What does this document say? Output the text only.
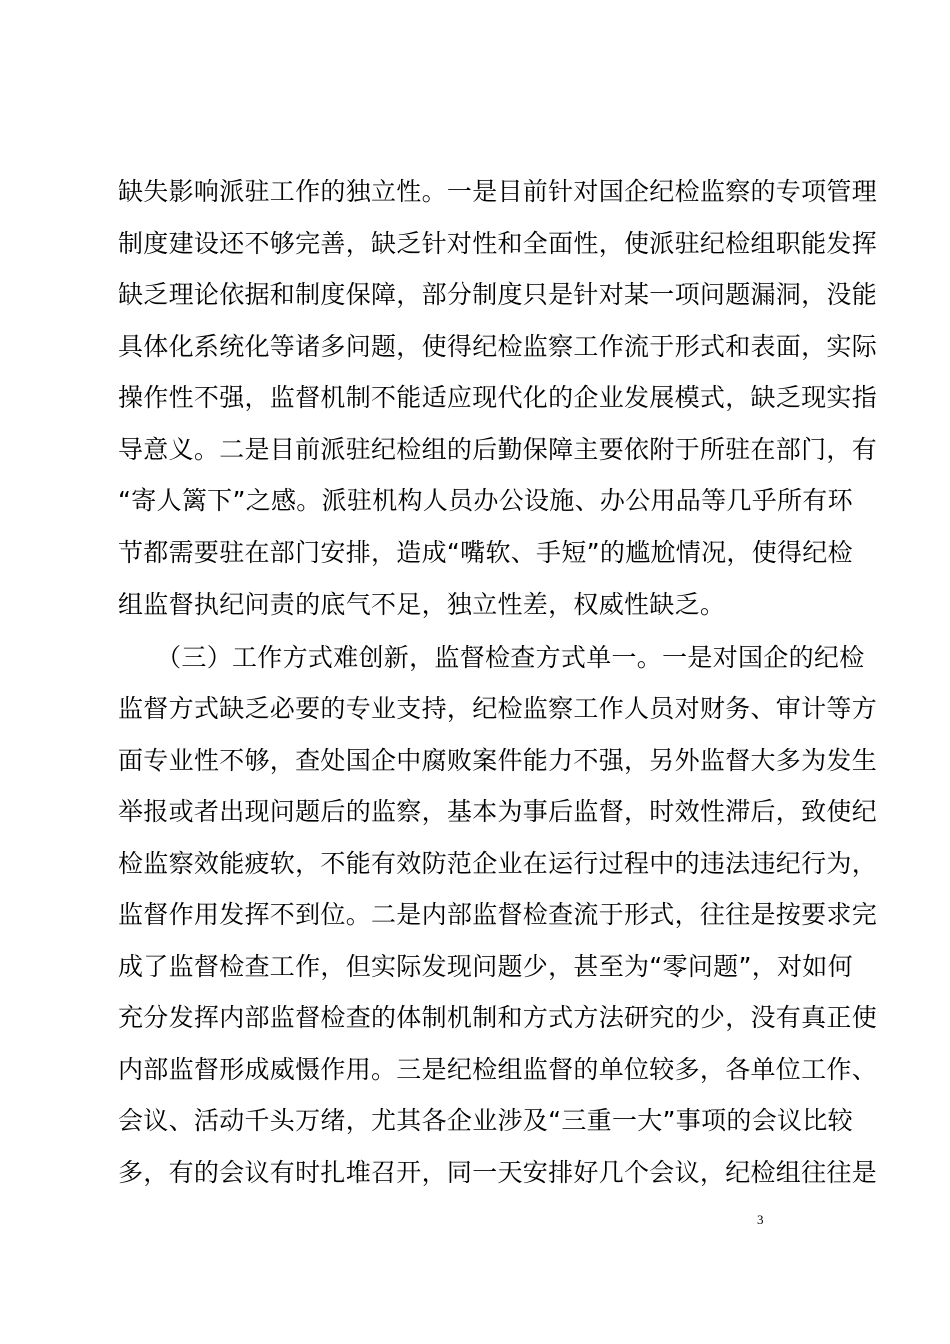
缺失影响派驻工作的独立性。一是目前针对国企纪检监察的专项管理
制度建设还不够完善，缺乏针对性和全面性，使派驻纪检组职能发挥
缺乏理论依据和制度保障，部分制度只是针对某一项问题漏洞，没能
具体化系统化等诸多问题，使得纪检监察工作流于形式和表面，实际
操作性不强，监督机制不能适应现代化的企业发展模式，缺乏现实指
导意义。二是目前派驻纪检组的后勤保障主要依附于所驻在部门，有
“寄人篱下”之感。派驻机构人员办公设施、办公用品等几乎所有环
节都需要驻在部门安排，造成“嘴软、手短”的尴尬情况，使得纪检
组监督执纪问责的底气不足，独立性差，权威性缺乏。
　　（三）工作方式难创新，监督检查方式单一。一是对国企的纪检
监督方式缺乏必要的专业支持，纪检监察工作人员对财务、审计等方
面专业性不够，查处国企中腐败案件能力不强，另外监督大多为发生
举报或者出现问题后的监察，基本为事后监督，时效性滞后，致使纪
检监察效能疲软，不能有效防范企业在运行过程中的违法违纪行为，
监督作用发挥不到位。二是内部监督检查流于形式，往往是按要求完
成了监督检查工作，但实际发现问题少，甚至为“零问题”，对如何
充分发挥内部监督检查的体制机制和方式方法研究的少，没有真正使
内部监督形成威慑作用。三是纪检组监督的单位较多，各单位工作、
会议、活动千头万绪，尤其各企业涉及“三重一大”事项的会议比较
多，有的会议有时扎堆召开，同一天安排好几个会议，纪检组往往是
3
